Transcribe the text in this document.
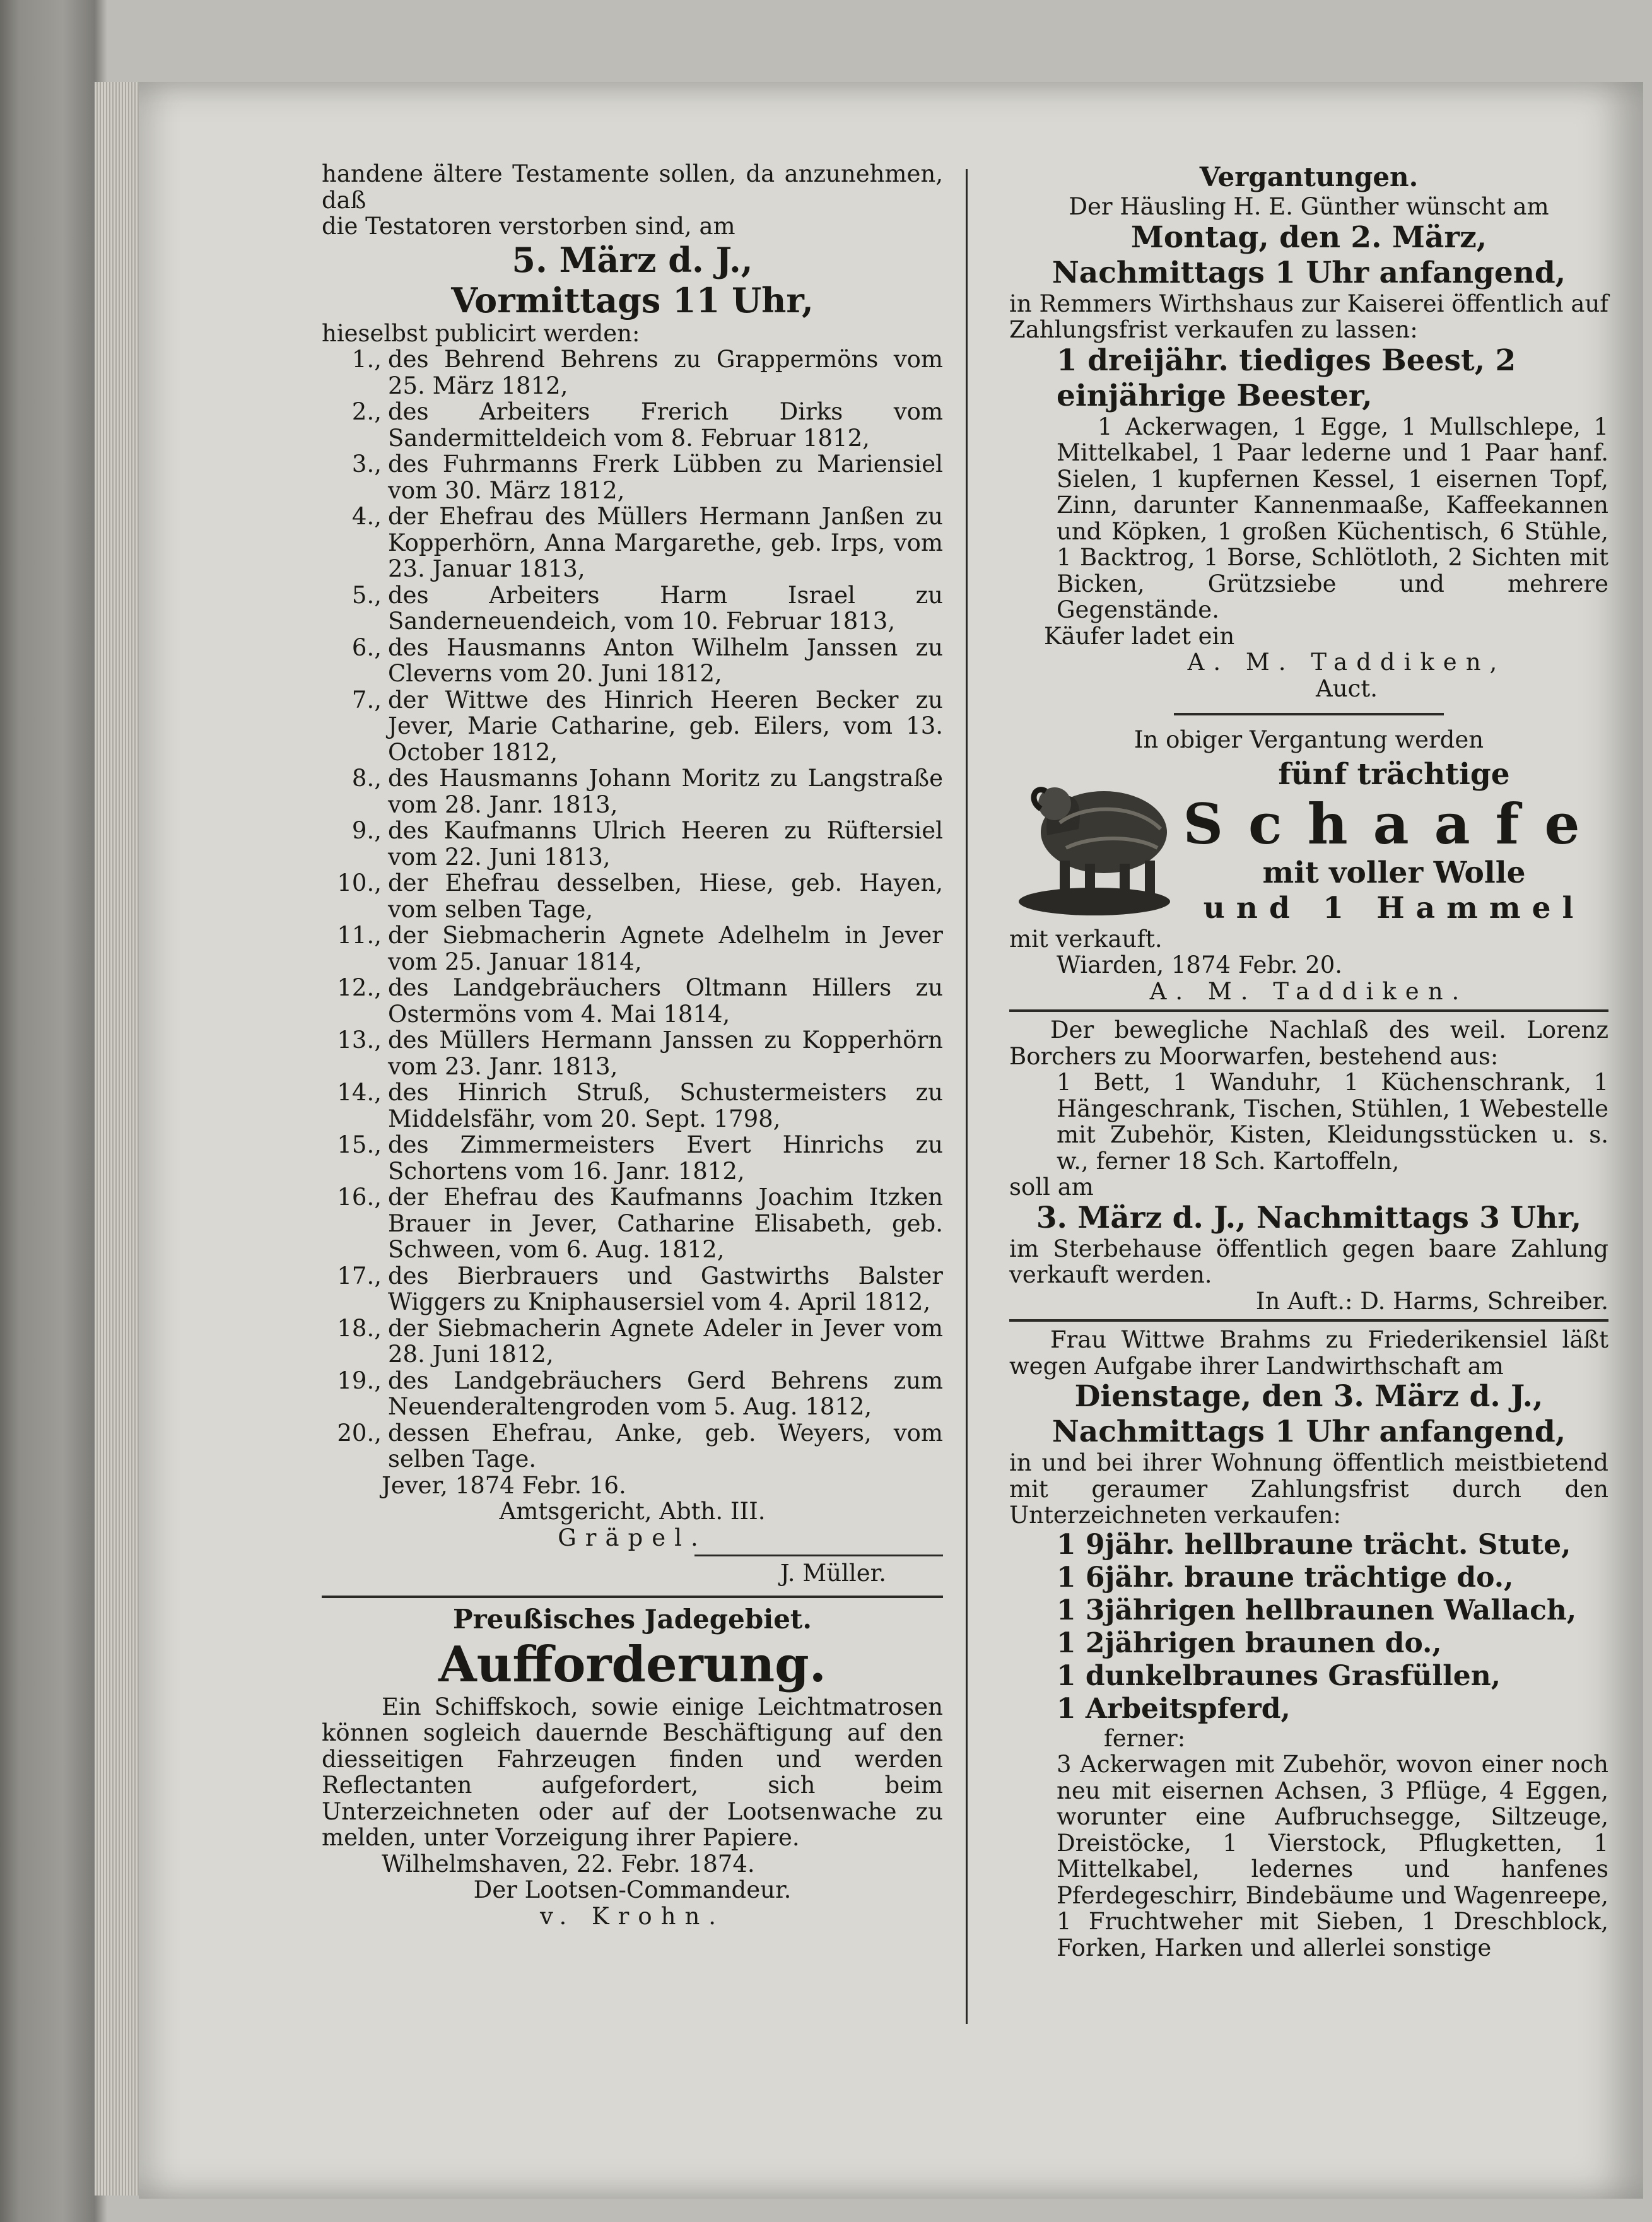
handene ältere Testamente sollen, da anzunehmen, daß

die Testatoren verstorben sind, am

5. März d. J.,

Vormittags 11 Uhr,

hieselbst publicirt werden:

1., des Behrend Behrens zu Grappermöns vom 25. März 1812,
2., des Arbeiters Frerich Dirks vom Sandermitteldeich vom 8. Februar 1812,
3., des Fuhrmanns Frerk Lübben zu Mariensiel vom 30. März 1812,
4., der Ehefrau des Müllers Hermann Janßen zu Kopperhörn, Anna Margarethe, geb. Irps, vom 23. Januar 1813,
5., des Arbeiters Harm Israel zu Sanderneuendeich, vom 10. Februar 1813,
6., des Hausmanns Anton Wilhelm Janssen zu Cleverns vom 20. Juni 1812,
7., der Wittwe des Hinrich Heeren Becker zu Jever, Marie Catharine, geb. Eilers, vom 13. October 1812,
8., des Hausmanns Johann Moritz zu Langstraße vom 28. Janr. 1813,
9., des Kaufmanns Ulrich Heeren zu Rüftersiel vom 22. Juni 1813,
10., der Ehefrau desselben, Hiese, geb. Hayen, vom selben Tage,
11., der Siebmacherin Agnete Adelhelm in Jever vom 25. Januar 1814,
12., des Landgebräuchers Oltmann Hillers zu Ostermöns vom 4. Mai 1814,
13., des Müllers Hermann Janssen zu Kopperhörn vom 23. Janr. 1813,
14., des Hinrich Struß, Schustermeisters zu Middelsfähr, vom 20. Sept. 1798,
15., des Zimmermeisters Evert Hinrichs zu Schortens vom 16. Janr. 1812,
16., der Ehefrau des Kaufmanns Joachim Itzken Brauer in Jever, Catharine Elisabeth, geb. Schween, vom 6. Aug. 1812,
17., des Bierbrauers und Gastwirths Balster Wiggers zu Kniphausersiel vom 4. April 1812,
18., der Siebmacherin Agnete Adeler in Jever vom 28. Juni 1812,
19., des Landgebräuchers Gerd Behrens zum Neuenderaltengroden vom 5. Aug. 1812,
20., dessen Ehefrau, Anke, geb. Weyers, vom selben Tage.

Jever, 1874 Febr. 16.

Amtsgericht, Abth. III.

Gräpel.

J. Müller.

Preußisches Jadegebiet.

Aufforderung.

Ein Schiffskoch, sowie einige Leichtmatrosen können sogleich dauernde Beschäftigung auf den diesseitigen Fahrzeugen finden und werden Reflectanten aufgefordert, sich beim Unterzeichneten oder auf der Lootsenwache zu melden, unter Vorzeigung ihrer Papiere.

Wilhelmshaven, 22. Febr. 1874.

Der Lootsen-Commandeur.

v. Krohn.

Vergantungen.

Der Häusling H. E. Günther wünscht am

Montag, den 2. März,

Nachmittags 1 Uhr anfangend,

in Remmers Wirthshaus zur Kaiserei öffentlich auf Zahlungsfrist verkaufen zu lassen:

1 dreijähr. tiediges Beest, 2

einjährige Beester,

1 Ackerwagen, 1 Egge, 1 Mullschlepe, 1 Mittelkabel, 1 Paar lederne und 1 Paar hanf. Sielen, 1 kupfernen Kessel, 1 eisernen Topf, Zinn, darunter Kannenmaaße, Kaffeekannen und Köpken, 1 großen Küchentisch, 6 Stühle, 1 Backtrog, 1 Borse, Schlötloth, 2 Sichten mit Bicken, Grützsiebe und mehrere Gegenstände.

Käufer ladet ein

A. M. Taddiken,

Auct.

In obiger Vergantung werden

fünf trächtige

Schaafe

mit voller Wolle

und 1 Hammel

mit verkauft.

Wiarden, 1874 Febr. 20.

A. M. Taddiken.

Der bewegliche Nachlaß des weil. Lorenz Borchers zu Moorwarfen, bestehend aus:

1 Bett, 1 Wanduhr, 1 Küchenschrank, 1 Hängeschrank, Tischen, Stühlen, 1 Webestelle mit Zubehör, Kisten, Kleidungsstücken u. s. w., ferner 18 Sch. Kartoffeln,

soll am

3. März d. J., Nachmittags 3 Uhr,

im Sterbehause öffentlich gegen baare Zahlung verkauft werden.

In Auft.: D. Harms, Schreiber.

Frau Wittwe Brahms zu Friederikensiel läßt wegen Aufgabe ihrer Landwirthschaft am

Dienstage, den 3. März d. J.,

Nachmittags 1 Uhr anfangend,

in und bei ihrer Wohnung öffentlich meistbietend mit geraumer Zahlungsfrist durch den Unterzeichneten verkaufen:

1 9jähr. hellbraune trächt. Stute,

1 6jähr. braune trächtige do.,

1 3jährigen hellbraunen Wallach,

1 2jährigen braunen do.,

1 dunkelbraunes Grasfüllen,

1 Arbeitspferd,

ferner:

3 Ackerwagen mit Zubehör, wovon einer noch neu mit eisernen Achsen, 3 Pflüge, 4 Eggen, worunter eine Aufbruchsegge, Siltzeuge, Dreistöcke, 1 Vierstock, Pflugketten, 1 Mittelkabel, ledernes und hanfenes Pferdegeschirr, Bindebäume und Wagenreepe, 1 Fruchtweher mit Sieben, 1 Dreschblock, Forken, Harken und allerlei sonstige
